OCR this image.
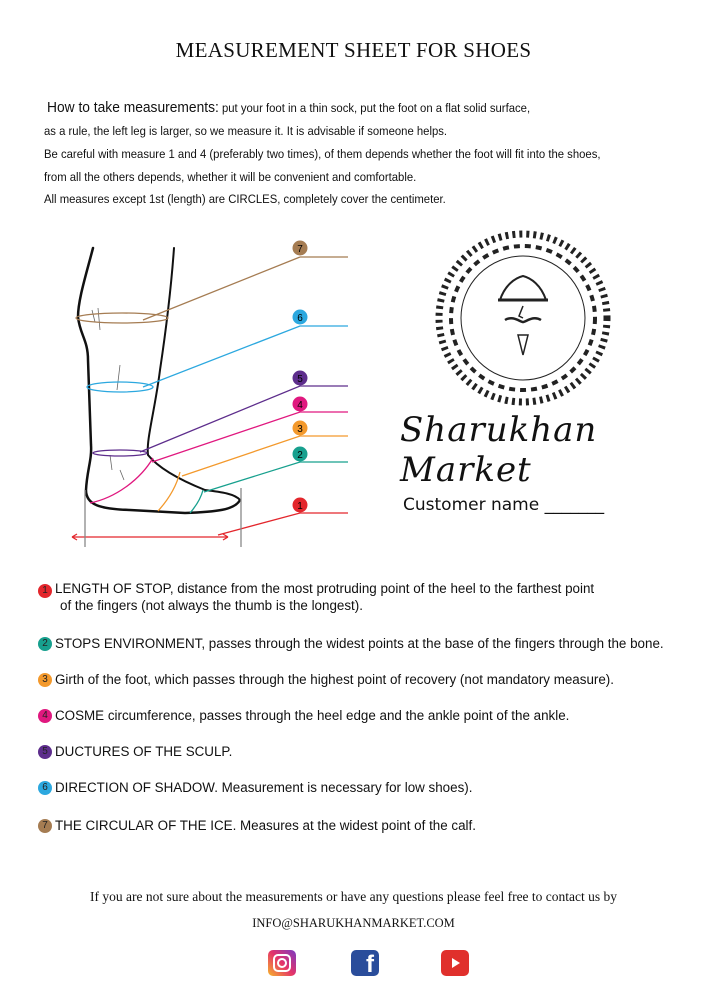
MEASUREMENT SHEET FOR SHOES
How to take measurements: put your foot in a thin sock, put the foot on a flat solid surface,
as a rule, the left leg is larger, so we measure it. It is advisable if someone helps.
Be careful with measure 1 and 4 (preferably two times), of them depends whether the foot will fit into the shoes,
from all the others depends, whether it will be convenient and comfortable.
All measures except 1st (length) are CIRCLES, completely cover the centimeter.
7
6
5
4
3
2
1
Sharukhan Market
Customer name _______
1 LENGTH OF STOP, distance from the most protruding point of the heel to the farthest point
of the fingers (not always the thumb is the longest).
2 STOPS ENVIRONMENT, passes through the widest points at the base of the fingers through the bone.
3 Girth of the foot, which passes through the highest point of recovery (not mandatory measure).
4 COSME circumference, passes through the heel edge and the ankle point of the ankle.
5 DUCTURES OF THE SCULP.
6 DIRECTION OF SHADOW. Measurement is necessary for low shoes).
7 THE CIRCULAR OF THE ICE. Measures at the widest point of the calf.
If you are not sure about the measurements or have any questions please feel free to contact us by
INFO@SHARUKHANMARKET.COM
f
